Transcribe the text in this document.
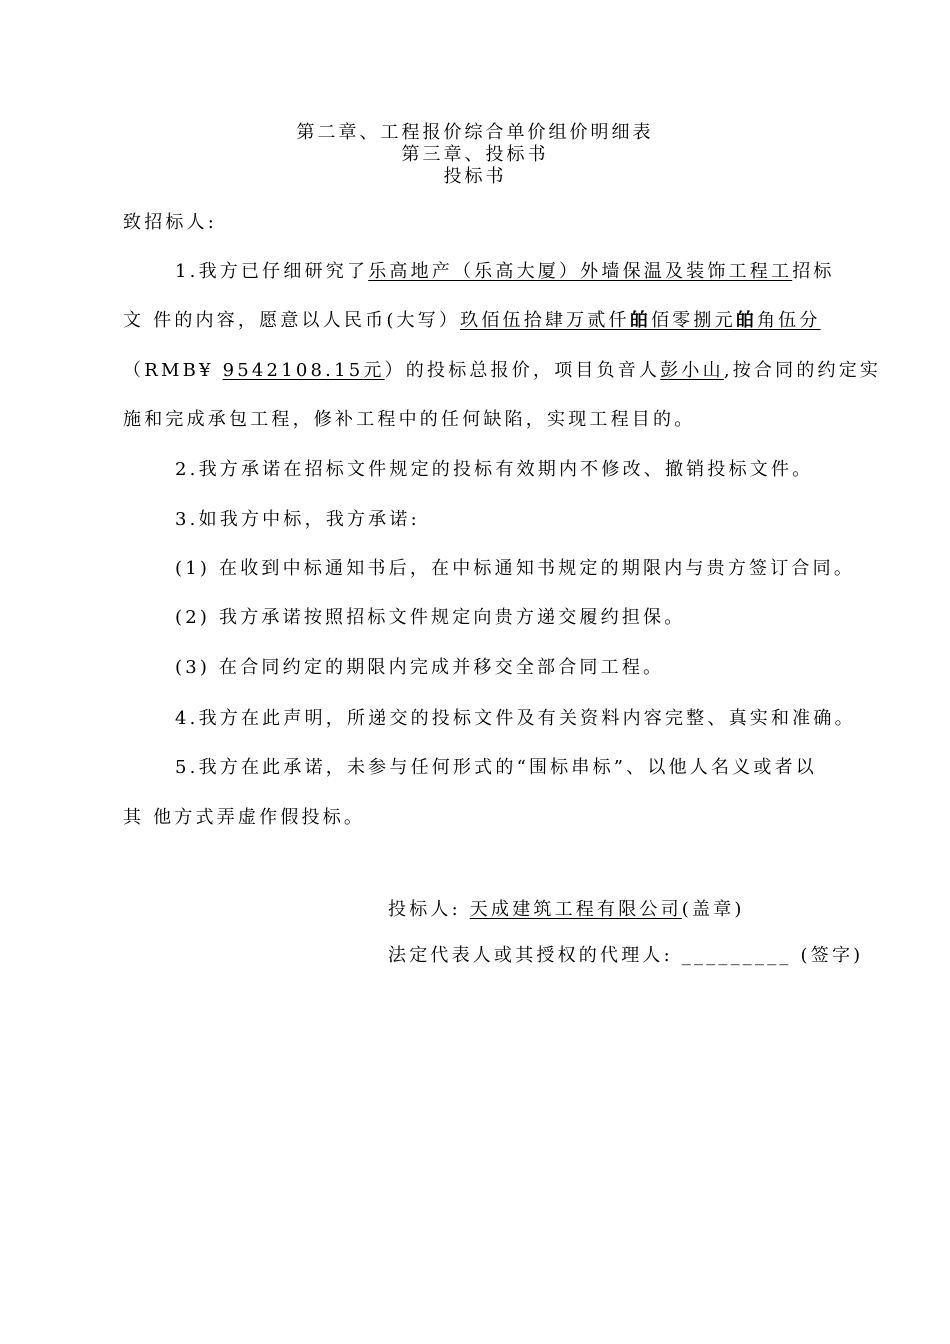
第二章、工程报价综合单价组价明细表
第三章、投标书
投标书
致招标人:
1.我方已仔细研究了乐高地产（乐高大厦）外墙保温及装饰工程工招标
文 件的内容，愿意以人民币(大写）玖佰伍拾肆万贰仟㿟佰零捌元㿟角伍分
（RMB¥ 9542108.15元）的投标总报价，项目负音人彭小山,按合同的约定实
施和完成承包工程，修补工程中的任何缺陷，实现工程目的。
2.我方承诺在招标文件规定的投标有效期内不修改、撤销投标文件。
3.如我方中标，我方承诺:
(1) 在收到中标通知书后，在中标通知书规定的期限内与贵方签订合同。
(2) 我方承诺按照招标文件规定向贵方递交履约担保。
(3) 在合同约定的期限内完成并移交全部合同工程。
4.我方在此声明，所递交的投标文件及有关资料内容完整、真实和准确。
5.我方在此承诺，未参与任何形式的“围标串标”、以他人名义或者以
其 他方式弄虚作假投标。
投标人: 天成建筑工程有限公司(盖章)
法定代表人或其授权的代理人: _________ (签字)
